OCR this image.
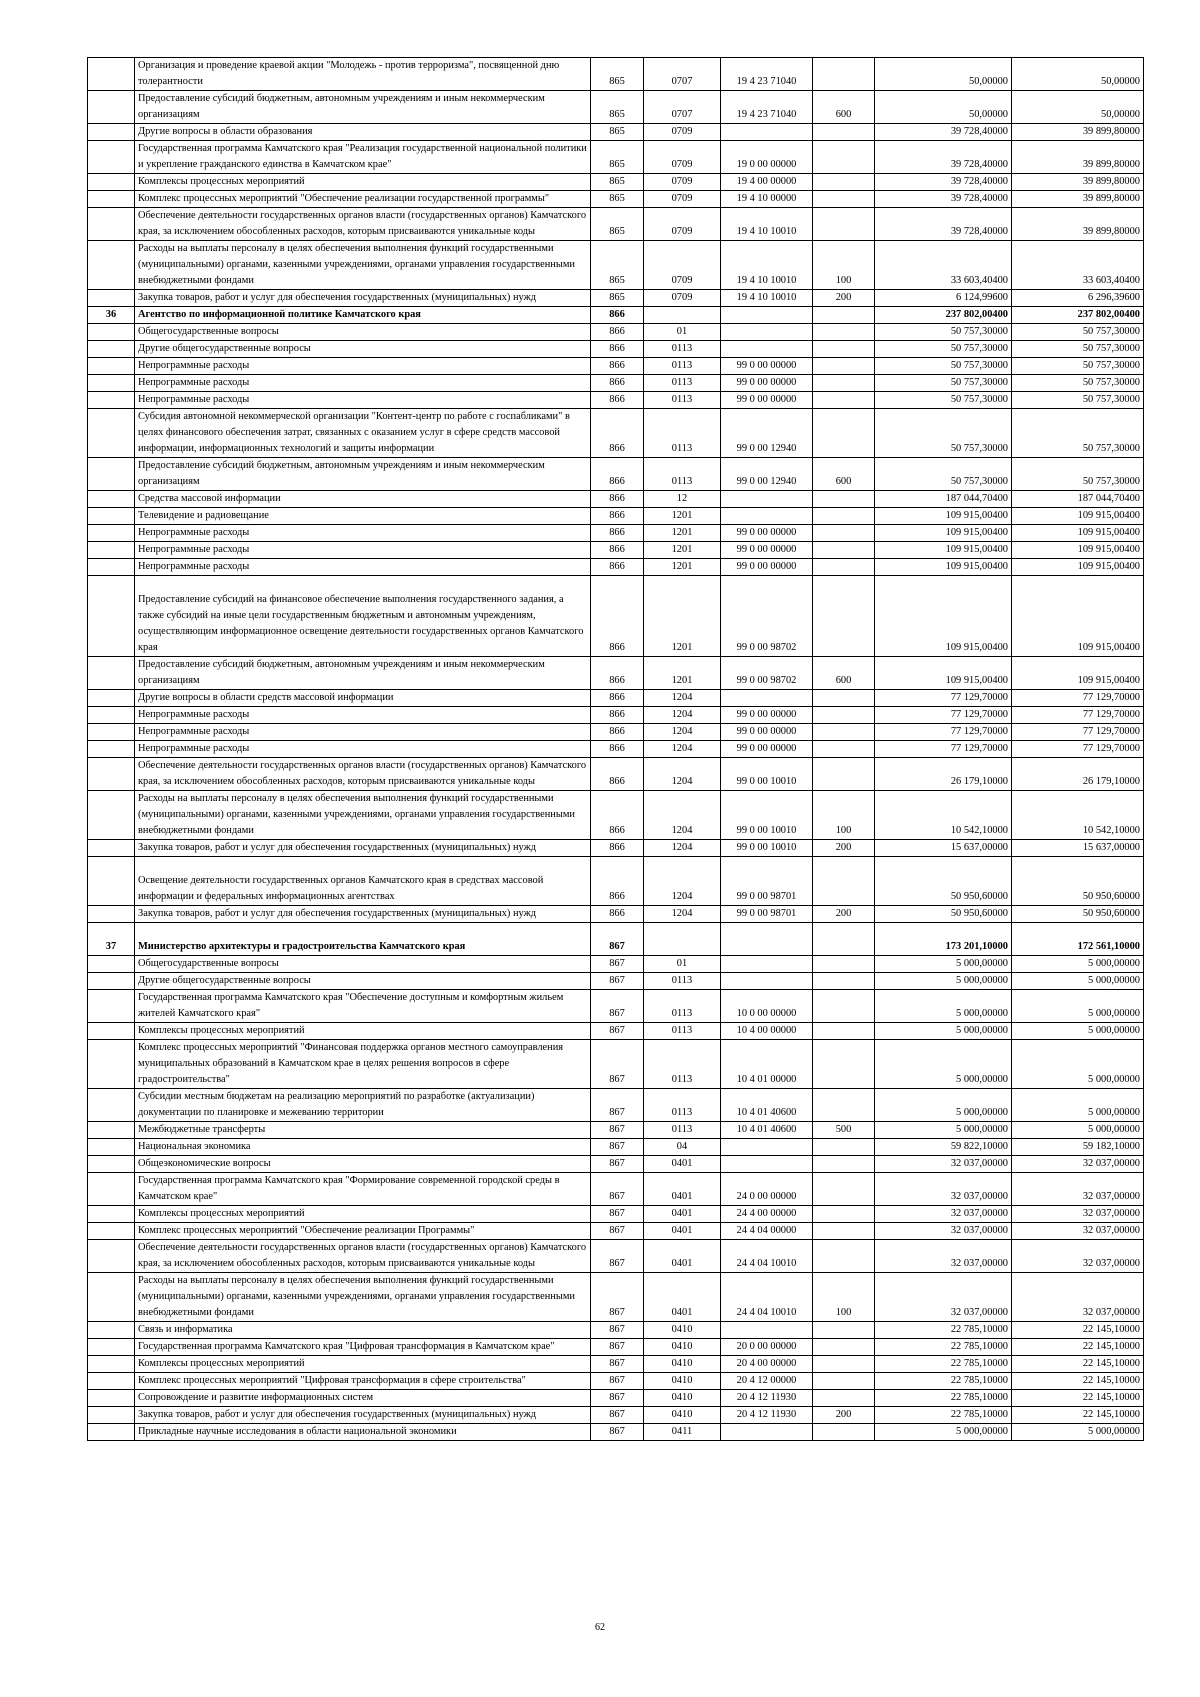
	Организация и проведение краевой акции "Молодежь - против терроризма", посвященной дню толерантности	865	0707	19 4 23 71040		50,00000	50,00000
	Предоставление субсидий бюджетным, автономным учреждениям и иным некоммерческим организациям	865	0707	19 4 23 71040	600	50,00000	50,00000
	Другие вопросы в области образования	865	0709			39 728,40000	39 899,80000
	Государственная программа Камчатского края "Реализация государственной национальной политики и укрепление гражданского единства в Камчатском крае"	865	0709	19 0 00 00000		39 728,40000	39 899,80000
	Комплексы процессных мероприятий	865	0709	19 4 00 00000		39 728,40000	39 899,80000
	Комплекс процессных мероприятий "Обеспечение реализации государственной программы"	865	0709	19 4 10 00000		39 728,40000	39 899,80000
	Обеспечение деятельности государственных органов власти (государственных органов) Камчатского края, за исключением обособленных расходов, которым присваиваются уникальные коды	865	0709	19 4 10 10010		39 728,40000	39 899,80000
	Расходы на выплаты персоналу в целях обеспечения выполнения функций государственными (муниципальными) органами, казенными учреждениями, органами управления государственными внебюджетными фондами	865	0709	19 4 10 10010	100	33 603,40400	33 603,40400
	Закупка товаров, работ и услуг для обеспечения государственных (муниципальных) нужд	865	0709	19 4 10 10010	200	6 124,99600	6 296,39600
36	Агентство по информационной политике Камчатского края	866				237 802,00400	237 802,00400
	Общегосударственные вопросы	866	01			50 757,30000	50 757,30000
	Другие общегосударственные вопросы	866	0113			50 757,30000	50 757,30000
	Непрограммные расходы	866	0113	99 0 00 00000		50 757,30000	50 757,30000
	Непрограммные расходы	866	0113	99 0 00 00000		50 757,30000	50 757,30000
	Непрограммные расходы	866	0113	99 0 00 00000		50 757,30000	50 757,30000
	Субсидия автономной некоммерческой организации "Контент-центр по работе с госпабликами" в целях финансового обеспечения затрат, связанных с оказанием услуг в сфере средств массовой информации, информационных технологий и защиты информации	866	0113	99 0 00 12940		50 757,30000	50 757,30000
	Предоставление субсидий бюджетным, автономным учреждениям и иным некоммерческим организациям	866	0113	99 0 00 12940	600	50 757,30000	50 757,30000
	Средства массовой информации	866	12			187 044,70400	187 044,70400
	Телевидение и радиовещание	866	1201			109 915,00400	109 915,00400
	Непрограммные расходы	866	1201	99 0 00 00000		109 915,00400	109 915,00400
	Непрограммные расходы	866	1201	99 0 00 00000		109 915,00400	109 915,00400
	Непрограммные расходы	866	1201	99 0 00 00000		109 915,00400	109 915,00400
	Предоставление субсидий на финансовое обеспечение выполнения государственного задания, а также субсидий на иные цели государственным бюджетным и автономным учреждениям, осуществляющим информационное освещение деятельности государственных органов Камчатского края	866	1201	99 0 00 98702		109 915,00400	109 915,00400
	Предоставление субсидий бюджетным, автономным учреждениям и иным некоммерческим организациям	866	1201	99 0 00 98702	600	109 915,00400	109 915,00400
	Другие вопросы в области средств массовой информации	866	1204			77 129,70000	77 129,70000
	Непрограммные расходы	866	1204	99 0 00 00000		77 129,70000	77 129,70000
	Непрограммные расходы	866	1204	99 0 00 00000		77 129,70000	77 129,70000
	Непрограммные расходы	866	1204	99 0 00 00000		77 129,70000	77 129,70000
	Обеспечение деятельности государственных органов власти (государственных органов) Камчатского края, за исключением обособленных расходов, которым присваиваются уникальные коды	866	1204	99 0 00 10010		26 179,10000	26 179,10000
	Расходы на выплаты персоналу в целях обеспечения выполнения функций государственными (муниципальными) органами, казенными учреждениями, органами управления государственными внебюджетными фондами	866	1204	99 0 00 10010	100	10 542,10000	10 542,10000
	Закупка товаров, работ и услуг для обеспечения государственных (муниципальных) нужд	866	1204	99 0 00 10010	200	15 637,00000	15 637,00000
	Освещение деятельности государственных органов Камчатского края в средствах массовой информации и федеральных информационных агентствах	866	1204	99 0 00 98701		50 950,60000	50 950,60000
	Закупка товаров, работ и услуг для обеспечения государственных (муниципальных) нужд	866	1204	99 0 00 98701	200	50 950,60000	50 950,60000
37	Министерство архитектуры и градостроительства Камчатского края	867				173 201,10000	172 561,10000
	Общегосударственные вопросы	867	01			5 000,00000	5 000,00000
	Другие общегосударственные вопросы	867	0113			5 000,00000	5 000,00000
	Государственная программа Камчатского края "Обеспечение доступным и комфортным жильем жителей Камчатского края"	867	0113	10 0 00 00000		5 000,00000	5 000,00000
	Комплексы процессных мероприятий	867	0113	10 4 00 00000		5 000,00000	5 000,00000
	Комплекс процессных мероприятий "Финансовая поддержка органов местного самоуправления муниципальных образований в Камчатском крае в целях решения вопросов в сфере градостроительства"	867	0113	10 4 01 00000		5 000,00000	5 000,00000
	Субсидии местным бюджетам на реализацию мероприятий по разработке (актуализации) документации по планировке и межеванию территории	867	0113	10 4 01 40600		5 000,00000	5 000,00000
	Межбюджетные трансферты	867	0113	10 4 01 40600	500	5 000,00000	5 000,00000
	Национальная экономика	867	04			59 822,10000	59 182,10000
	Общеэкономические вопросы	867	0401			32 037,00000	32 037,00000
	Государственная программа Камчатского края "Формирование современной городской среды в Камчатском крае"	867	0401	24 0 00 00000		32 037,00000	32 037,00000
	Комплексы процессных мероприятий	867	0401	24 4 00 00000		32 037,00000	32 037,00000
	Комплекс процессных мероприятий "Обеспечение реализации Программы"	867	0401	24 4 04 00000		32 037,00000	32 037,00000
	Обеспечение деятельности государственных органов власти (государственных органов) Камчатского края, за исключением обособленных расходов, которым присваиваются уникальные коды	867	0401	24 4 04 10010		32 037,00000	32 037,00000
	Расходы на выплаты персоналу в целях обеспечения выполнения функций государственными (муниципальными) органами, казенными учреждениями, органами управления государственными внебюджетными фондами	867	0401	24 4 04 10010	100	32 037,00000	32 037,00000
	Связь и информатика	867	0410			22 785,10000	22 145,10000
	Государственная программа Камчатского края "Цифровая трансформация в Камчатском крае"	867	0410	20 0 00 00000		22 785,10000	22 145,10000
	Комплексы процессных мероприятий	867	0410	20 4 00 00000		22 785,10000	22 145,10000
	Комплекс процессных мероприятий "Цифровая трансформация в сфере строительства"	867	0410	20 4 12 00000		22 785,10000	22 145,10000
	Сопровождение и развитие информационных систем	867	0410	20 4 12 11930		22 785,10000	22 145,10000
	Закупка товаров, работ и услуг для обеспечения государственных (муниципальных) нужд	867	0410	20 4 12 11930	200	22 785,10000	22 145,10000
	Прикладные научные исследования в области национальной экономики	867	0411			5 000,00000	5 000,00000
62
